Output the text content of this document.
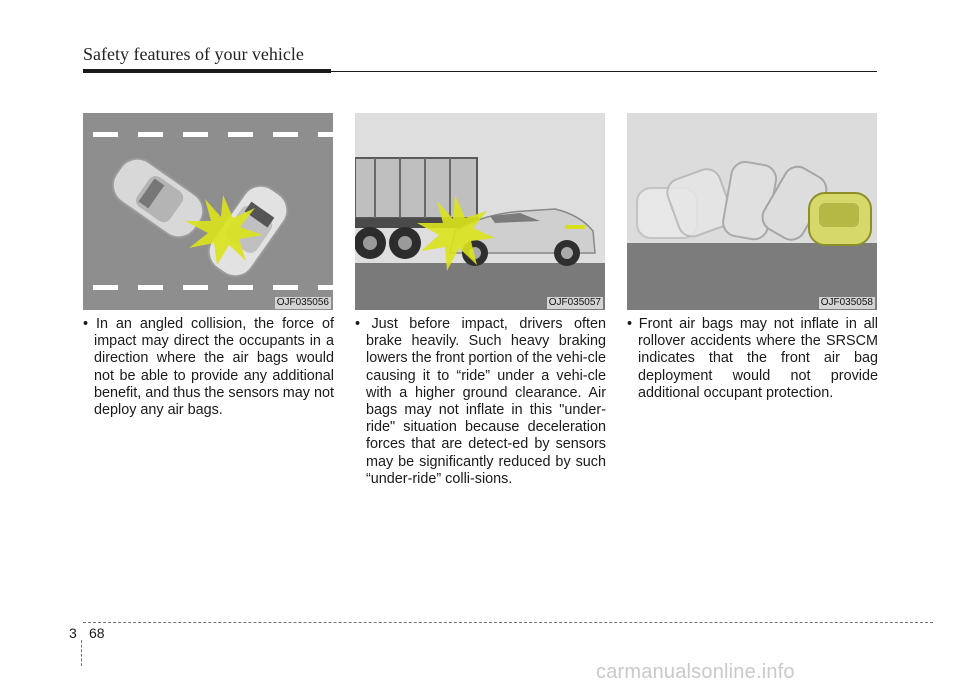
Safety features of your vehicle
OJF035056	OJF035057	OJF035058

• In an angled collision, the force of impact may direct the occupants in a direction where the air bags would not be able to provide any additional benefit, and thus the sensors may not deploy any air bags.

• Just before impact, drivers often brake heavily. Such heavy braking lowers the front portion of the vehi-cle causing it to “ride” under a vehi-cle with a higher ground clearance. Air bags may not inflate in this "under-ride" situation because deceleration forces that are detect-ed by sensors may be significantly reduced by such “under-ride” colli-sions.

• Front air bags may not inflate in all rollover accidents where the SRSCM indicates that the front air bag deployment would not provide additional occupant protection.

3 68
carmanualsonline.info
